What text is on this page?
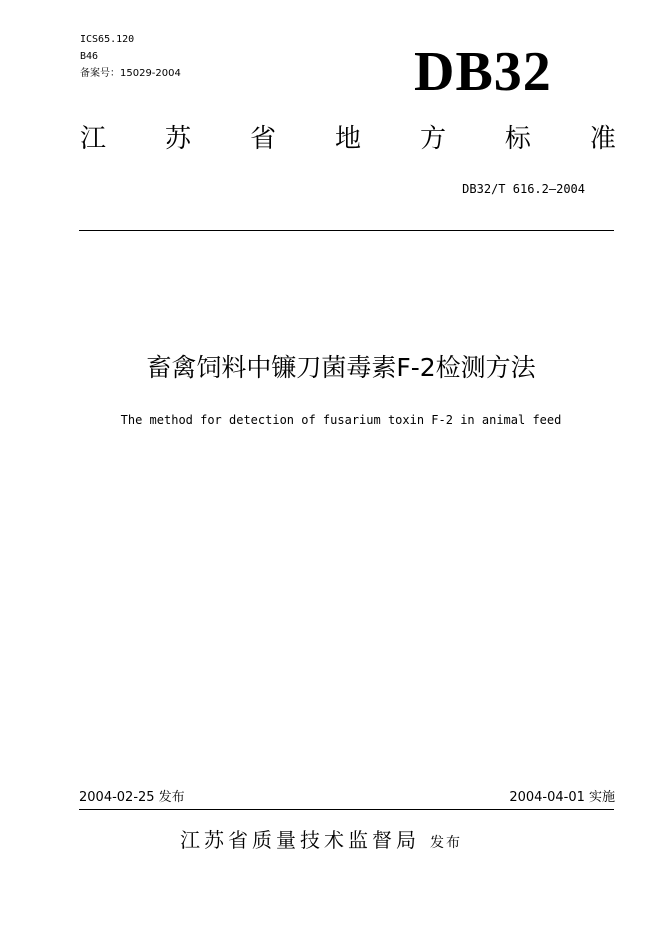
ICS65.120
B46
备案号：15029-2004	DB32
江 苏 省 地 方 标 准
DB32/T 616.2—2004
畜禽饲料中镰刀菌毒素F-2检测方法
The method for detection of fusarium toxin F-2 in animal feed
2004-02-25 发布	2004-04-01 实施
江苏省质量技术监督局 发布
